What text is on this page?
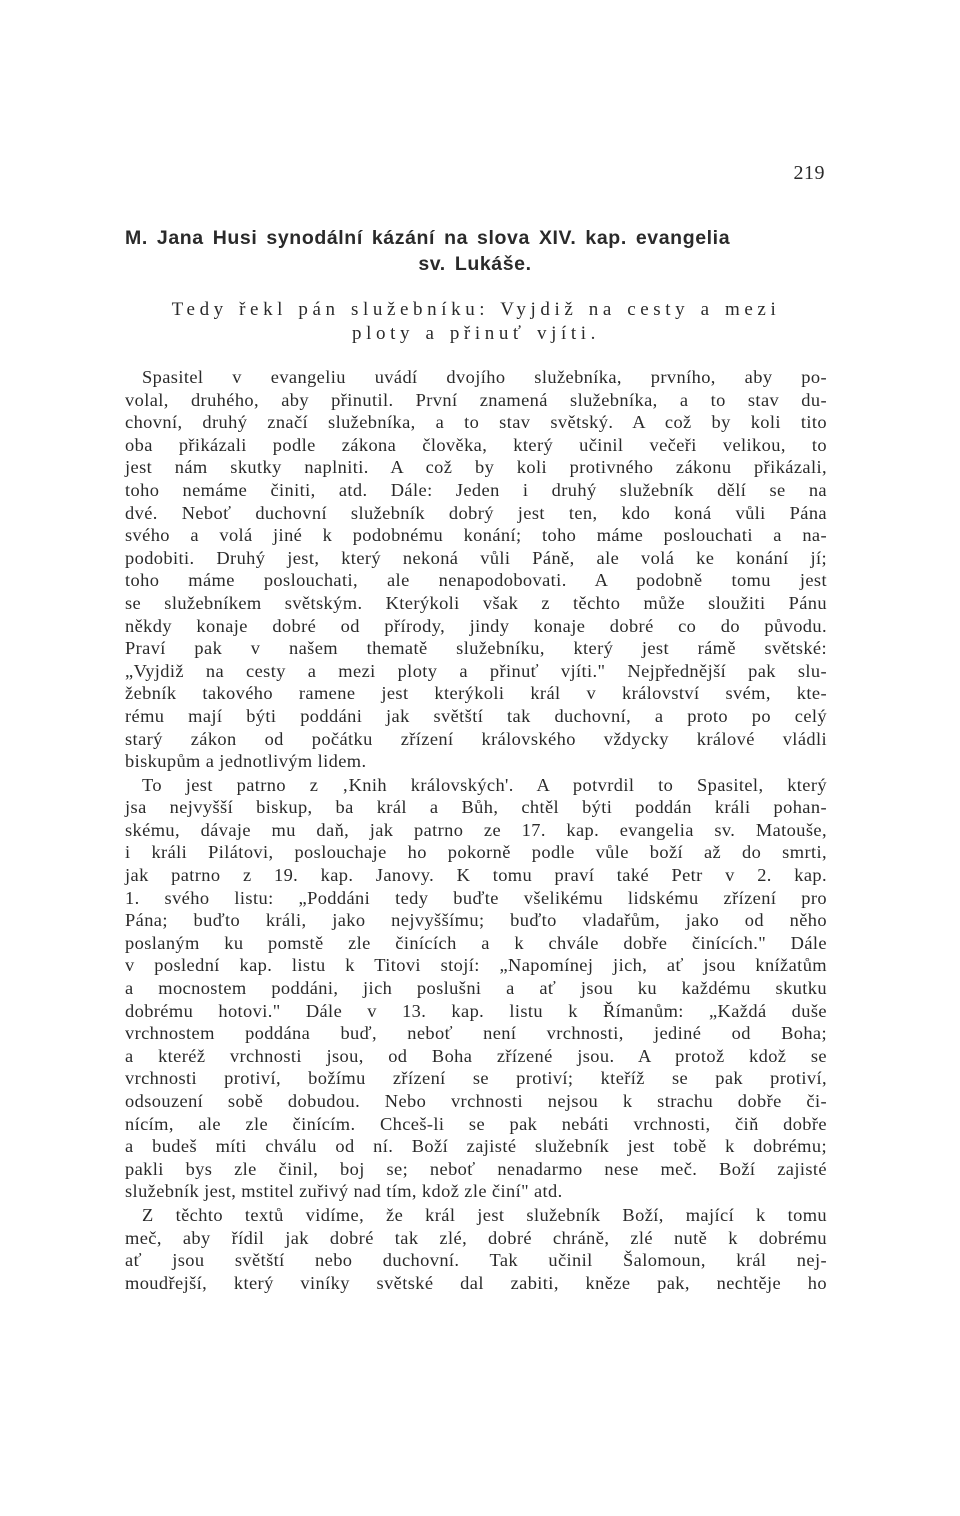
219
M. Jana Husi synodální kázání na slova XIV. kap. evangelia
sv. Lukáše.
Tedy řekl pán služebníku: Vyjdiž na cesty a mezi
ploty a přinuť vjíti.
Spasitel v evangeliu uvádí dvojího služebníka, prvního, aby po-
volal, druhého, aby přinutil. První znamená služebníka, a to stav du-
chovní, druhý značí služebníka, a to stav světský. A což by koli tito
oba přikázali podle zákona člověka, který učinil večeři velikou, to
jest nám skutky naplniti. A což by koli protivného zákonu přikázali,
toho nemáme činiti, atd. Dále: Jeden i druhý služebník dělí se na
dvé. Neboť duchovní služebník dobrý jest ten, kdo koná vůli Pána
svého a volá jiné k podobnému konání; toho máme poslouchati a na-
podobiti. Druhý jest, který nekoná vůli Páně, ale volá ke konání jí;
toho máme poslouchati, ale nenapodobovati. A podobně tomu jest
se služebníkem světským. Kterýkoli však z těchto může sloužiti Pánu
někdy konaje dobré od přírody, jindy konaje dobré co do původu.
Praví pak v našem thematě služebníku, který jest rámě světské:
„Vyjdiž na cesty a mezi ploty a přinuť vjíti." Nejpřednější pak slu-
žebník takového ramene jest kterýkoli král v království svém, kte-
rému mají býti poddáni jak světští tak duchovní, a proto po celý
starý zákon od počátku zřízení královského vždycky králové vládli
biskupům a jednotlivým lidem.
To jest patrno z ‚Knih královských'. A potvrdil to Spasitel, který
jsa nejvyšší biskup, ba král a Bůh, chtěl býti poddán králi pohan-
skému, dávaje mu daň, jak patrno ze 17. kap. evangelia sv. Matouše,
i králi Pilátovi, poslouchaje ho pokorně podle vůle boží až do smrti,
jak patrno z 19. kap. Janovy. K tomu praví také Petr v 2. kap.
1. svého listu: „Poddáni tedy buďte všelikému lidskému zřízení pro
Pána; buďto králi, jako nejvyššímu; buďto vladařům, jako od něho
poslaným ku pomstě zle činících a k chvále dobře činících." Dále
v poslední kap. listu k Titovi stojí: „Napomínej jich, ať jsou knížatům
a mocnostem poddáni, jich poslušni a ať jsou ku každému skutku
dobrému hotovi." Dále v 13. kap. listu k Římanům: „Každá duše
vrchnostem poddána buď, neboť není vrchnosti, jediné od Boha;
a kteréž vrchnosti jsou, od Boha zřízené jsou. A protož kdož se
vrchnosti protiví, božímu zřízení se protiví; kteříž se pak protiví,
odsouzení sobě dobudou. Nebo vrchnosti nejsou k strachu dobře či-
nícím, ale zle činícím. Chceš-li se pak nebáti vrchnosti, čiň dobře
a budeš míti chválu od ní. Boží zajisté služebník jest tobě k dobrému;
pakli bys zle činil, boj se; neboť nenadarmo nese meč. Boží zajisté
služebník jest, mstitel zuřivý nad tím, kdož zle činí" atd.
Z těchto textů vidíme, že král jest služebník Boží, mající k tomu
meč, aby řídil jak dobré tak zlé, dobré chráně, zlé nutě k dobrému
ať jsou světští nebo duchovní. Tak učinil Šalomoun, král nej-
moudřejší, který viníky světské dal zabiti, kněze pak, nechtěje ho
